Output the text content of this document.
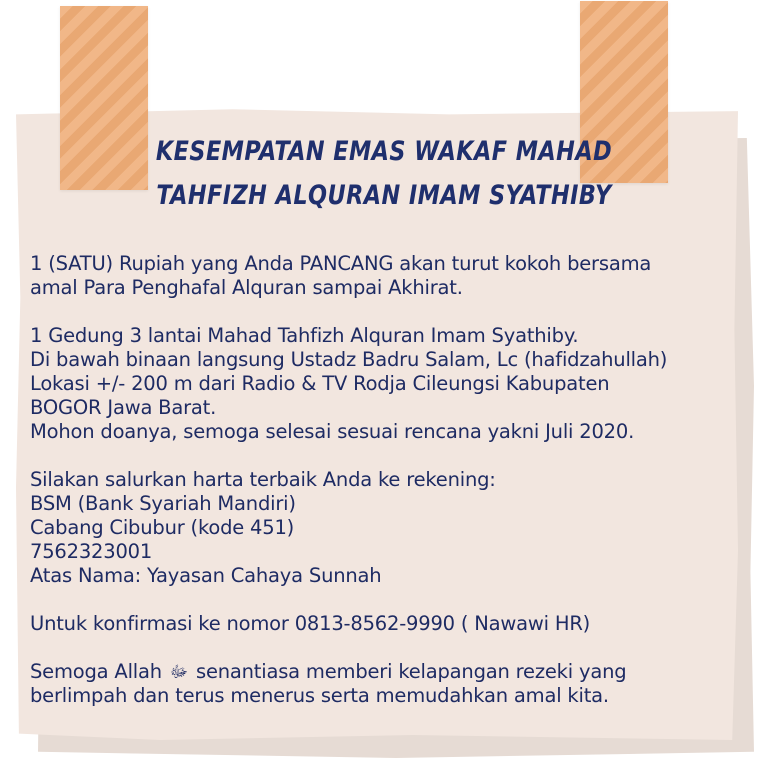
KESEMPATAN EMAS WAKAF MAHAD
TAHFIZH ALQURAN IMAM SYATHIBY
1 (SATU) Rupiah yang Anda PANCANG akan turut kokoh bersama
amal Para Penghafal Alquran sampai Akhirat.
1 Gedung 3 lantai Mahad Tahfizh Alquran Imam Syathiby.
Di bawah binaan langsung Ustadz Badru Salam, Lc (hafidzahullah)
Lokasi +/- 200 m dari Radio & TV Rodja Cileungsi Kabupaten
BOGOR Jawa Barat.
Mohon doanya, semoga selesai sesuai rencana yakni Juli 2020.
Silakan salurkan harta terbaik Anda ke rekening:
BSM (Bank Syariah Mandiri)
Cabang Cibubur (kode 451)
7562323001
Atas Nama: Yayasan Cahaya Sunnah
Untuk konfirmasi ke nomor 0813-8562-9990 ( Nawawi HR)
Semoga Allah ﷻ senantiasa memberi kelapangan rezeki yang
berlimpah dan terus menerus serta memudahkan amal kita.
